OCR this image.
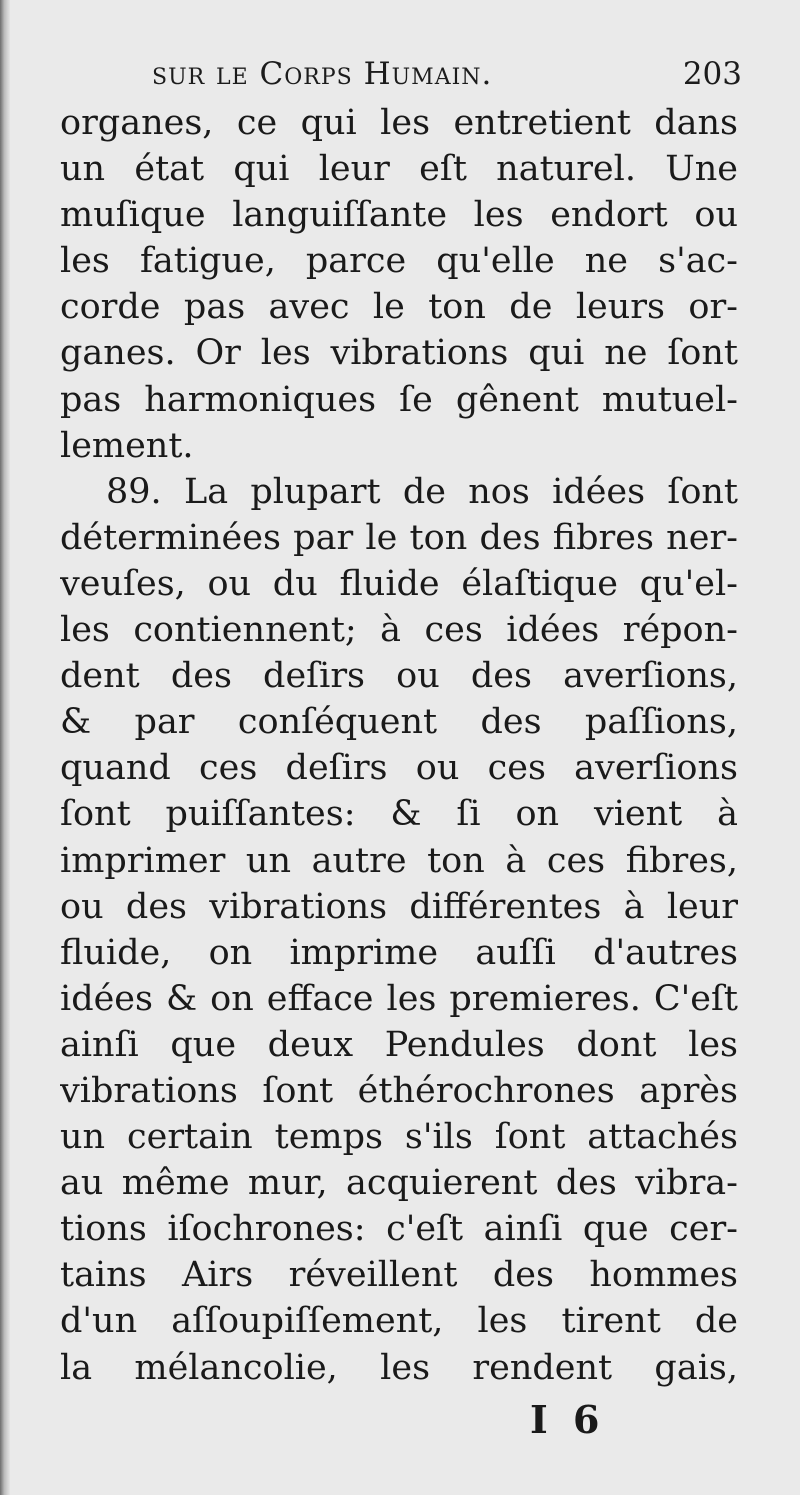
sur le Corps Humain.	203
organes, ce qui les entretient dans
un état qui leur eſt naturel. Une
muſique languiſſante les endort ou
les fatigue, parce qu'elle ne s'ac-
corde pas avec le ton de leurs or-
ganes. Or les vibrations qui ne ſont
pas harmoniques ſe gênent mutuel-
lement.
89. La plupart de nos idées ſont
déterminées par le ton des fibres ner-
veuſes, ou du fluide élaſtique qu'el-
les contiennent; à ces idées répon-
dent des deſirs ou des averſions,
& par conſéquent des paſſions,
quand ces deſirs ou ces averſions
ſont puiſſantes: & ſi on vient à
imprimer un autre ton à ces fibres,
ou des vibrations différentes à leur
fluide, on imprime auſſi d'autres
idées & on efface les premieres. C'eſt
ainſi que deux Pendules dont les
vibrations ſont éthérochrones après
un certain temps s'ils ſont attachés
au même mur, acquierent des vibra-
tions iſochrones: c'eſt ainſi que cer-
tains Airs réveillent des hommes
d'un aſſoupiſſement, les tirent de
la mélancolie, les rendent gais,
I 6
